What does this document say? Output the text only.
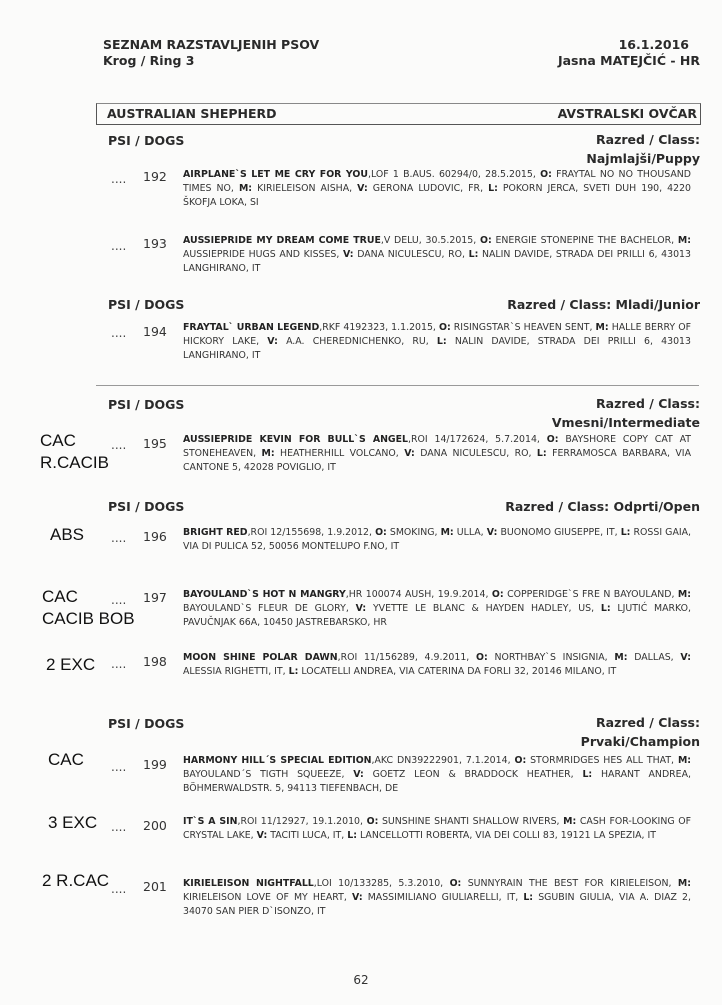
SEZNAM RAZSTAVLJENIH PSOV
Krog / Ring 3
16.1.2016
Jasna MATEJČIĆ - HR
AUSTRALIAN SHEPHERD	AVSTRALSKI OVČAR
PSI / DOGS	Razred / Class:
Najmlajši/Puppy
.... 192 AIRPLANE`S LET ME CRY FOR YOU,LOF 1 B.AUS. 60294/0, 28.5.2015, O: FRAYTAL NO NO THOUSAND TIMES NO, M: KIRIELEISON AISHA, V: GERONA LUDOVIC, FR, L: POKORN JERCA, SVETI DUH 190, 4220 ŠKOFJA LOKA, SI
.... 193 AUSSIEPRIDE MY DREAM COME TRUE,V DELU, 30.5.2015, O: ENERGIE STONEPINE THE BACHELOR, M: AUSSIEPRIDE HUGS AND KISSES, V: DANA NICULESCU, RO, L: NALIN DAVIDE, STRADA DEI PRILLI 6, 43013 LANGHIRANO, IT
PSI / DOGS	Razred / Class: Mladi/Junior
.... 194 FRAYTAL` URBAN LEGEND,RKF 4192323, 1.1.2015, O: RISINGSTAR`S HEAVEN SENT, M: HALLE BERRY OF HICKORY LAKE, V: A.A. CHEREDNICHENKO, RU, L: NALIN DAVIDE, STRADA DEI PRILLI 6, 43013 LANGHIRANO, IT
PSI / DOGS	Razred / Class:
Vmesni/Intermediate
CAC
R.CACIB
.... 195 AUSSIEPRIDE KEVIN FOR BULL`S ANGEL,ROI 14/172624, 5.7.2014, O: BAYSHORE COPY CAT AT STONEHEAVEN, M: HEATHERHILL VOLCANO, V: DANA NICULESCU, RO, L: FERRAMOSCA BARBARA, VIA CANTONE 5, 42028 POVIGLIO, IT
PSI / DOGS	Razred / Class: Odprti/Open
ABS .... 196 BRIGHT RED,ROI 12/155698, 1.9.2012, O: SMOKING, M: ULLA, V: BUONOMO GIUSEPPE, IT, L: ROSSI GAIA, VIA DI PULICA 52, 50056 MONTELUPO F.NO, IT
CAC
CACIB BOB
.... 197 BAYOULAND`S HOT N MANGRY,HR 100074 AUSH, 19.9.2014, O: COPPERIDGE`S FRE N BAYOULAND, M: BAYOULAND`S FLEUR DE GLORY, V: YVETTE LE BLANC & HAYDEN HADLEY, US, L: LJUTIĆ MARKO, PAVUČNJAK 66A, 10450 JASTREBARSKO, HR
2 EXC .... 198 MOON SHINE POLAR DAWN,ROI 11/156289, 4.9.2011, O: NORTHBAY`S INSIGNIA, M: DALLAS, V: ALESSIA RIGHETTI, IT, L: LOCATELLI ANDREA, VIA CATERINA DA FORLI 32, 20146 MILANO, IT
PSI / DOGS	Razred / Class:
Prvaki/Champion
CAC .... 199 HARMONY HILL´S SPECIAL EDITION,AKC DN39222901, 7.1.2014, O: STORMRIDGES HES ALL THAT, M: BAYOULAND´S TIGTH SQUEEZE, V: GOETZ LEON & BRADDOCK HEATHER, L: HARANT ANDREA, BÖHMERWALDSTR. 5, 94113 TIEFENBACH, DE
3 EXC .... 200 IT`S A SIN,ROI 11/12927, 19.1.2010, O: SUNSHINE SHANTI SHALLOW RIVERS, M: CASH FOR-LOOKING OF CRYSTAL LAKE, V: TACITI LUCA, IT, L: LANCELLOTTI ROBERTA, VIA DEI COLLI 83, 19121 LA SPEZIA, IT
2 R.CAC .... 201 KIRIELEISON NIGHTFALL,LOI 10/133285, 5.3.2010, O: SUNNYRAIN THE BEST FOR KIRIELEISON, M: KIRIELEISON LOVE OF MY HEART, V: MASSIMILIANO GIULIARELLI, IT, L: SGUBIN GIULIA, VIA A. DIAZ 2, 34070 SAN PIER D`ISONZO, IT
62
